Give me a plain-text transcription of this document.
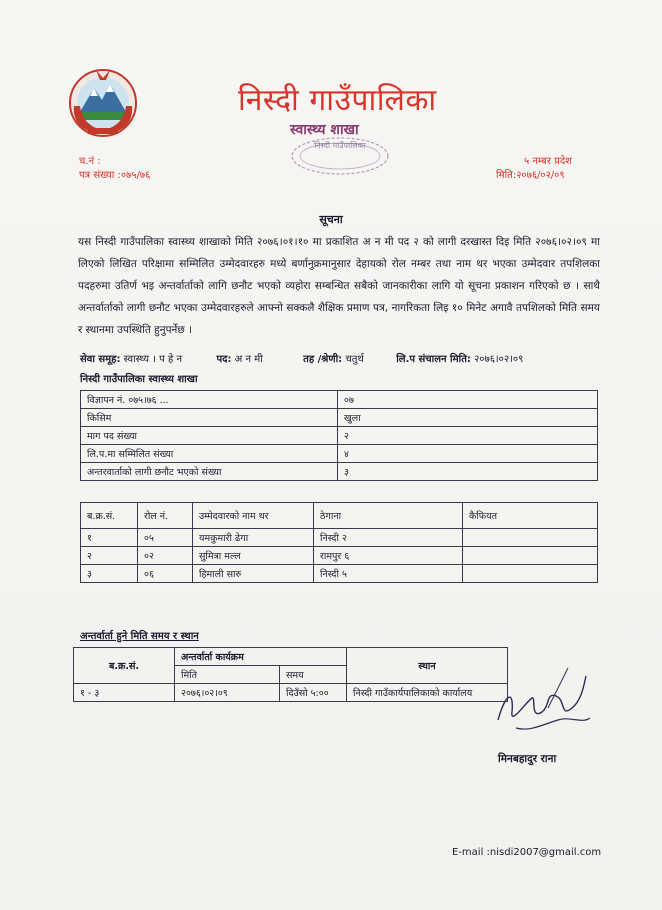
निस्दी गाउँपालिका
स्वास्थ्य शाखा
निस्दी गाउँपालिका
च.नं :
पत्र संख्या :०७५/७६
५ नम्बर प्रदेश
मिति:२०७६/०२/०९
सूचना
यस निस्दी गाउँपालिका स्वास्थ्य शाखाको मिति २०७६।०१।१० मा प्रकाशित अ न मी पद २ को लागी दरखास्त दिइ मिति २०७६।०२।०९ मा लिएको लिखित परिक्षामा सम्मिलित उम्मेदवारहरु मध्ये बर्णानुक्रमानुसार देहायको रोल नम्बर तथा नाम थर भएका उम्मेदवार तपशिलका पदहरुमा उतिर्ण भइ अन्तर्वार्ताको लागि छनौट भएको व्यहोरा सम्बन्धित सबैको जानकारीका लागि यो सूचना प्रकाशन गरिएको छ । साथै अन्तर्वार्ताको लागी छनौट भएका उम्मेदवारहरुले आफ्नो सक्कलै शैक्षिक प्रमाण पत्र, नागरिकता लिइ १० मिनेट अगावै तपशिलको मिति समय र स्थानमा उपस्थिति हुनुपर्नेछ ।
सेवा समूह: स्वास्थ्य । प हे न	पद: अ न मी	तह /श्रेणी: चतुर्थ	लि.प संचालन मिति: २०७६।०२।०९
निस्दी गाउँपालिका स्वास्थ्य शाखा
विज्ञापन नं. ०७५।७६ ...	०७
किसिम	खुला
माग पद संख्या	२
लि.प.मा सम्मिलित संख्या	४
अन्तरवार्ताको लागी छनौट भएको संख्या	३
ब.क्र.सं.	रोल नं.	उम्मेदवारको नाम थर	ठेगाना	कैफियत
१	०५	यमकुमारी ढेगा	निस्दी २	
२	०२	सुमित्रा मल्ल	रामपुर ६	
३	०६	हिमाली सारु	निस्दी ५	
अन्तर्वार्ता हुने मिति समय र स्थान
ब.क्र.सं.	अन्तर्वार्ता कार्यक्रम		स्थान
	मिति	समय	
१ - ३	२०७६।०२।०९	दिउँसो ५:००	निस्दी गाउँकार्यपालिकाको कार्यालय
मिनबहादुर राना
E-mail :nisdi2007@gmail.com
